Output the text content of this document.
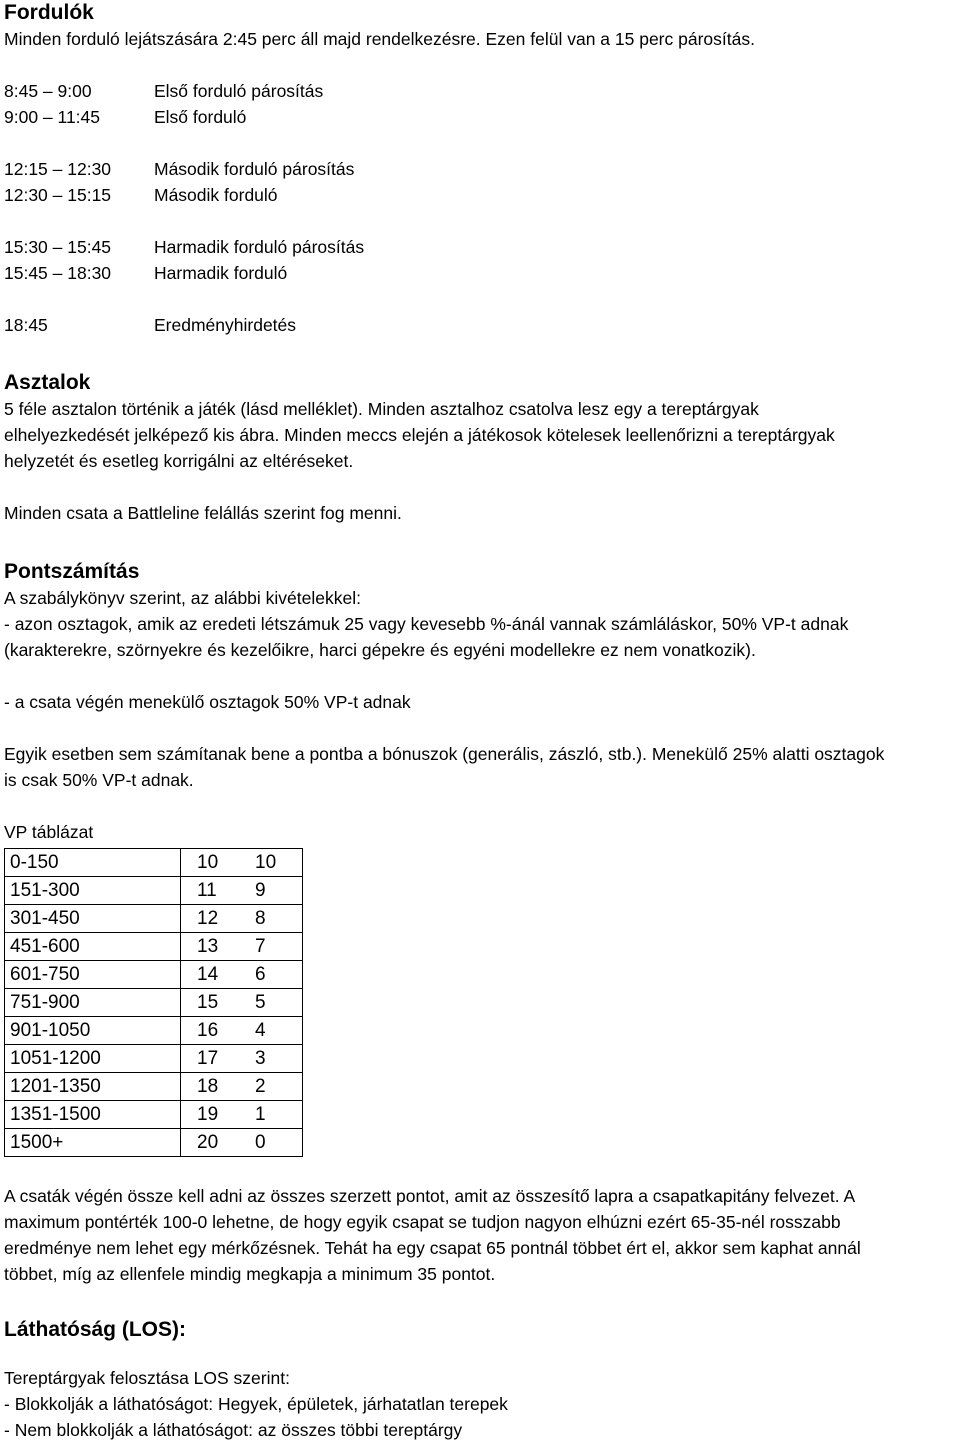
Fordulók

Minden forduló lejátszására 2:45 perc áll majd rendelkezésre. Ezen felül van a 15 perc párosítás.

8:45 – 9:00	Első forduló párosítás
9:00 – 11:45	Első forduló
12:15 – 12:30	Második forduló párosítás
12:30 – 15:15	Második forduló
15:30 – 15:45	Harmadik forduló párosítás
15:45 – 18:30	Harmadik forduló
18:45	Eredményhirdetés

Asztalok

5 féle asztalon történik a játék (lásd melléklet). Minden asztalhoz csatolva lesz egy a tereptárgyak

elhelyezkedését jelképező kis ábra. Minden meccs elején a játékosok kötelesek leellenőrizni a tereptárgyak

helyzetét és esetleg korrigálni az eltéréseket.

Minden csata a Battleline felállás szerint fog menni.

Pontszámítás

A szabálykönyv szerint, az alábbi kivételekkel:

- azon osztagok, amik az eredeti létszámuk 25 vagy kevesebb %-ánál vannak számláláskor, 50% VP-t adnak

(karakterekre, szörnyekre és kezelőikre, harci gépekre és egyéni modellekre ez nem vonatkozik).

- a csata végén menekülő osztagok 50% VP-t adnak

Egyik esetben sem számítanak bene a pontba a bónuszok (generális, zászló, stb.). Menekülő 25% alatti osztagok

is csak 50% VP-t adnak.

VP táblázat

0-150	10	10
151-300	11	9
301-450	12	8
451-600	13	7
601-750	14	6
751-900	15	5
901-1050	16	4
1051-1200	17	3
1201-1350	18	2
1351-1500	19	1
1500+	20	0

A csaták végén össze kell adni az összes szerzett pontot, amit az összesítő lapra a csapatkapitány felvezet. A

maximum pontérték 100-0 lehetne, de hogy egyik csapat se tudjon nagyon elhúzni ezért 65-35-nél rosszabb

eredménye nem lehet egy mérkőzésnek. Tehát ha egy csapat 65 pontnál többet ért el, akkor sem kaphat annál

többet, míg az ellenfele mindig megkapja a minimum 35 pontot.

Láthatóság (LOS):

Tereptárgyak felosztása LOS szerint:

- Blokkolják a láthatóságot: Hegyek, épületek, járhatatlan terepek

- Nem blokkolják a láthatóságot: az összes többi tereptárgy
